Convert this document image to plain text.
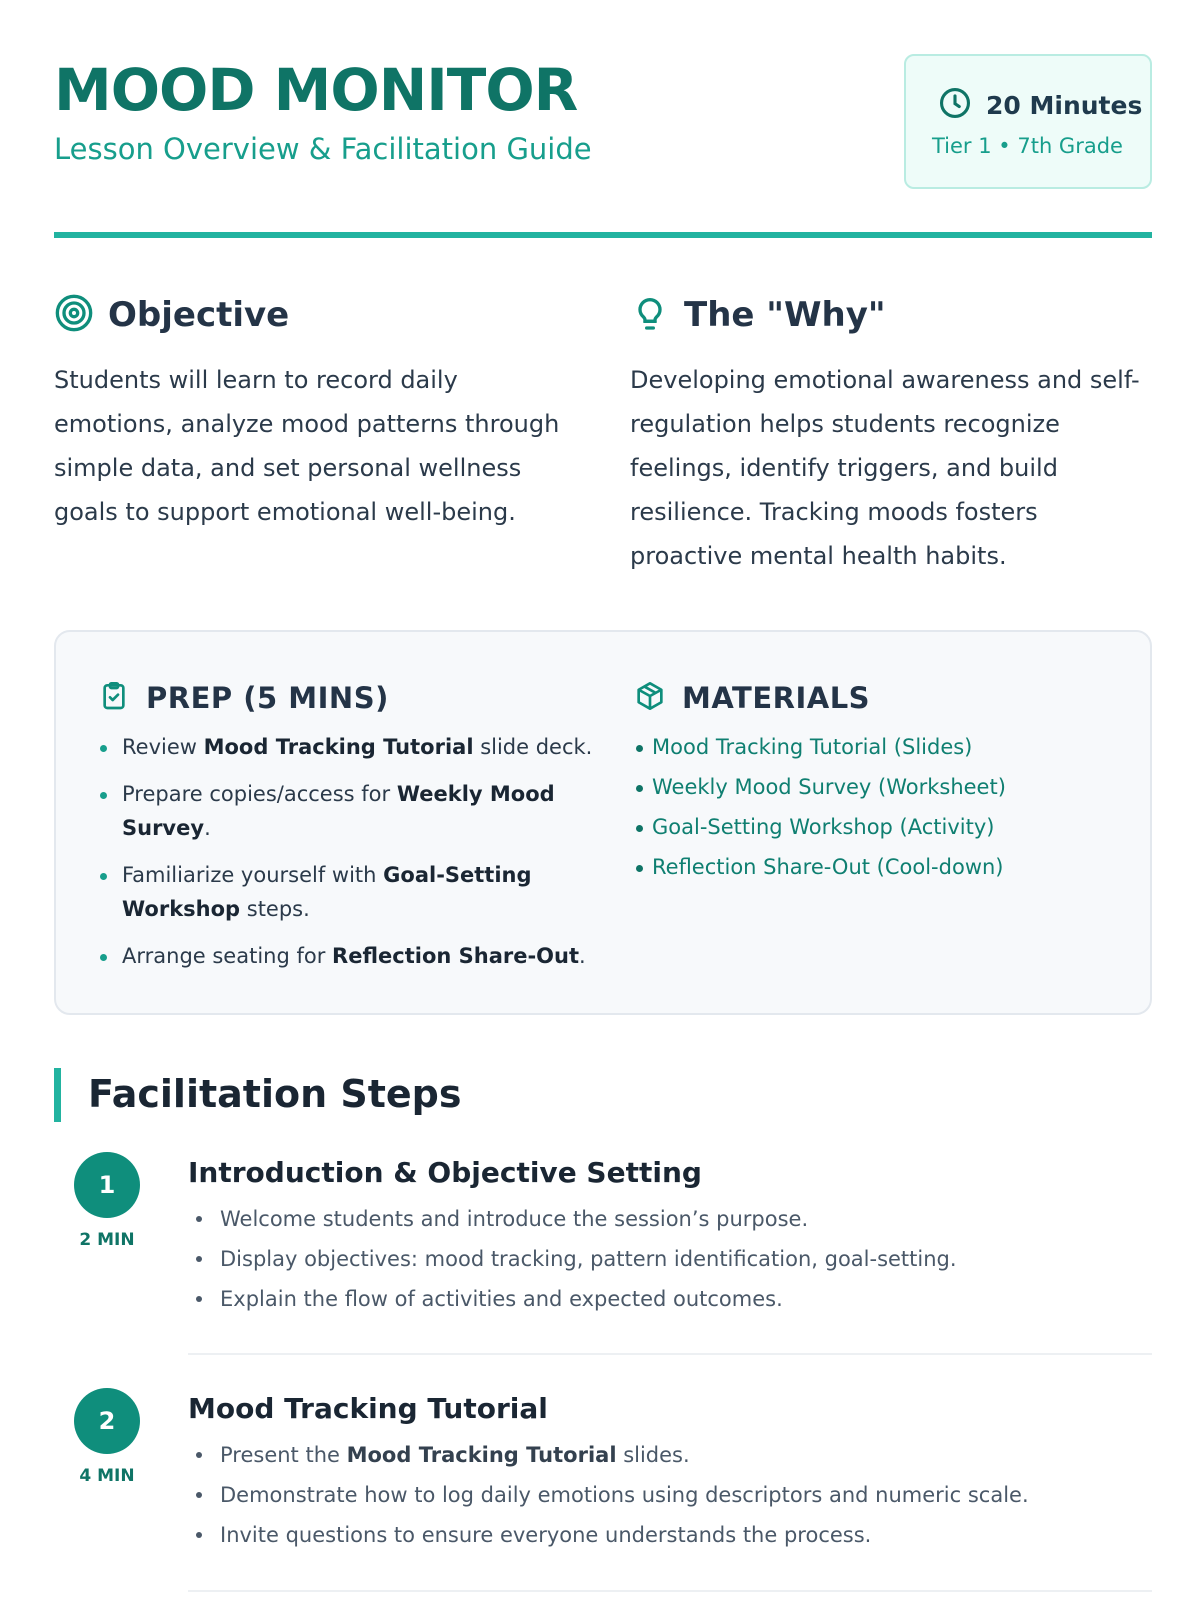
MOOD MONITOR
Lesson Overview & Facilitation Guide
20 Minutes
Tier 1 • 7th Grade
Objective

Students will learn to record daily emotions, analyze mood patterns through simple data, and set personal wellness goals to support emotional well-being.

The "Why"

Developing emotional awareness and self-regulation helps students recognize feelings, identify triggers, and build resilience. Tracking moods fosters proactive mental health habits.

PREP (5 MINS)
Review Mood Tracking Tutorial slide deck.
Prepare copies/access for Weekly Mood Survey.
Familiarize yourself with Goal-Setting Workshop steps.
Arrange seating for Reflection Share-Out.
MATERIALS
Mood Tracking Tutorial (Slides)
Weekly Mood Survey (Worksheet)
Goal-Setting Workshop (Activity)
Reflection Share-Out (Cool-down)
Facilitation Steps
1
2 MIN
Introduction & Objective Setting
Welcome students and introduce the session’s purpose.
Display objectives: mood tracking, pattern identification, goal-setting.
Explain the flow of activities and expected outcomes.
2
4 MIN
Mood Tracking Tutorial
Present the Mood Tracking Tutorial slides.
Demonstrate how to log daily emotions using descriptors and numeric scale.
Invite questions to ensure everyone understands the process.
